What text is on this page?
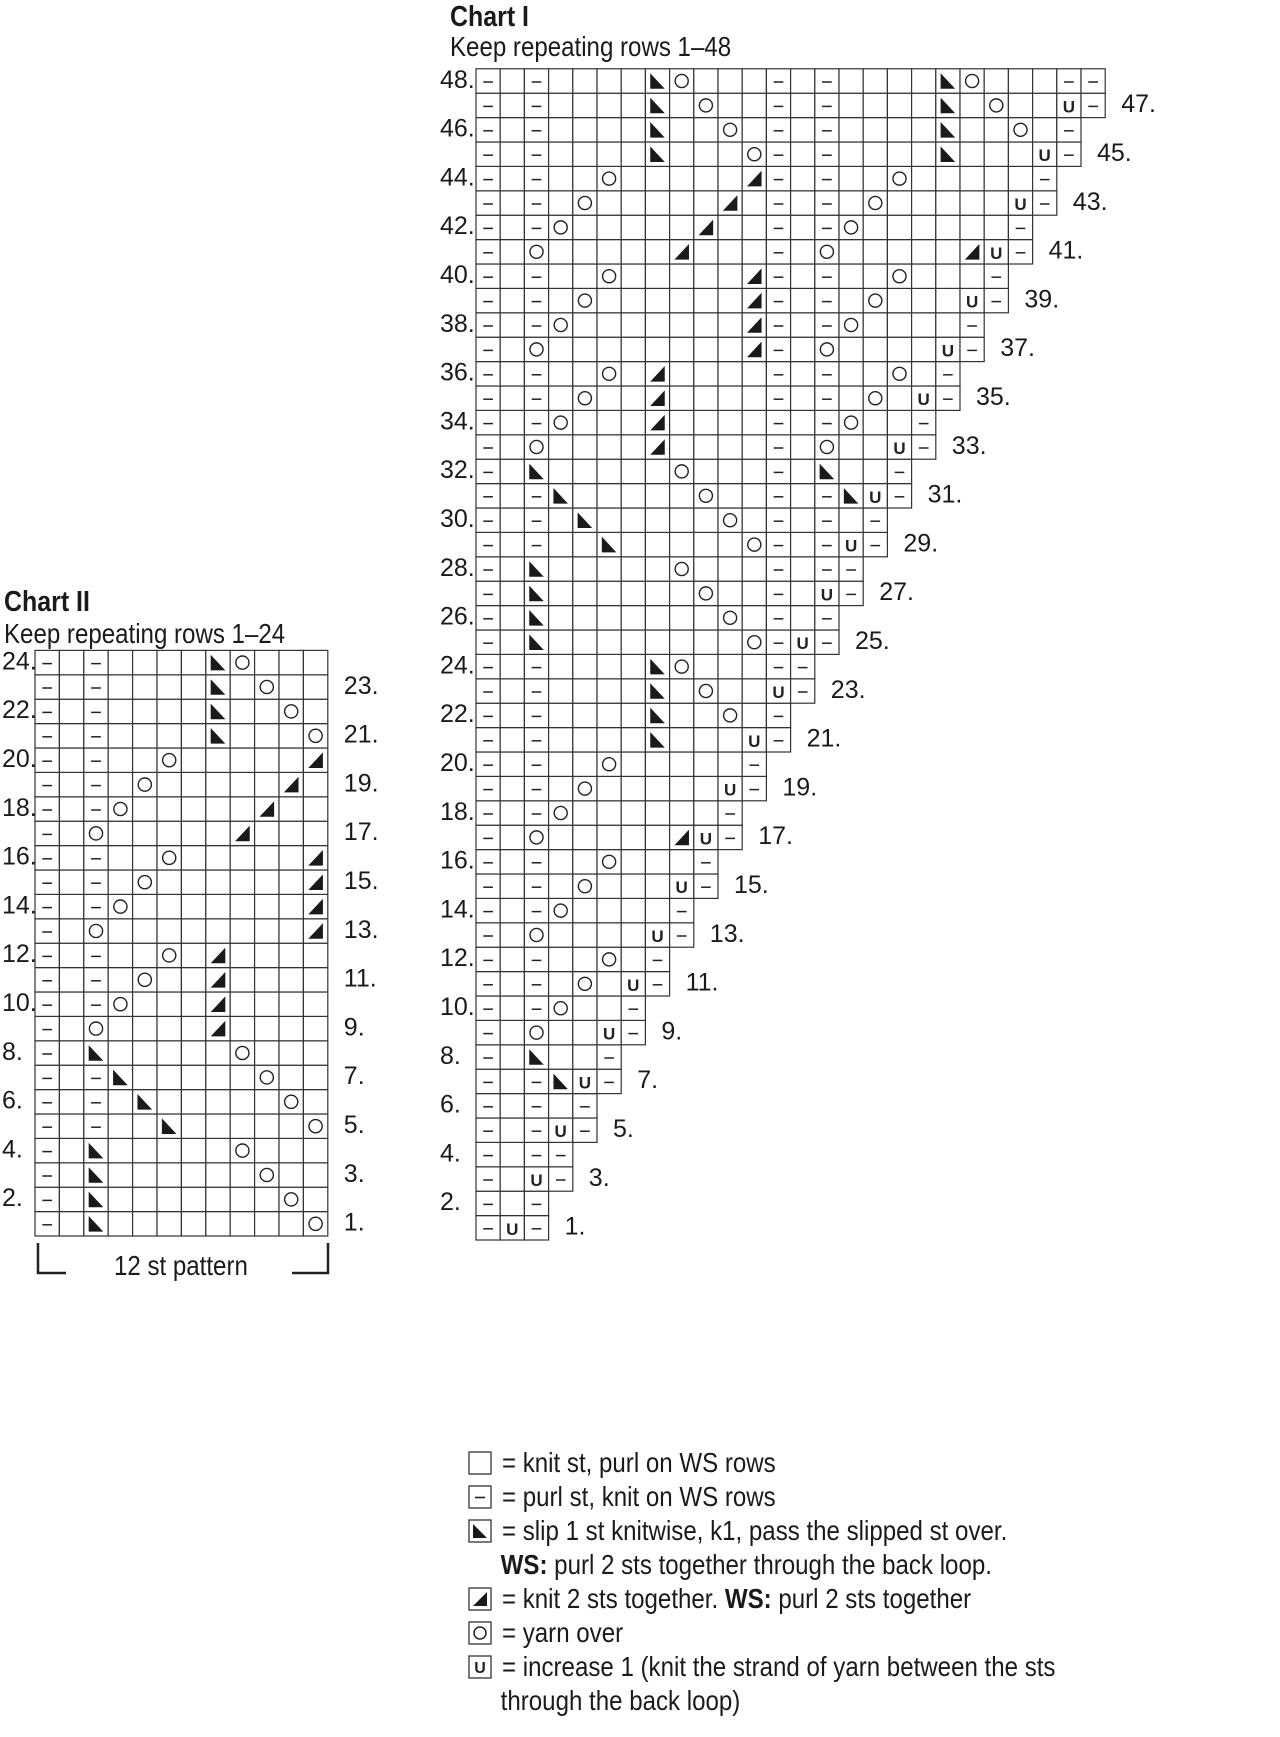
Chart I
Keep repeating rows 1–48
Chart II
Keep repeating rows 1–24
U
U
U
U
U
U
U
U
U
U
U
U
U
U
U
U
U
U
U
U
U
U
U
U
1.
2.
3.
4.
5.
6.
7.
8.
9.
10.
11.
12.
13.
14.
15.
16.
17.
18.
19.
20.
21.
22.
23.
24.
25.
26.
27.
28.
29.
30.
31.
32.
33.
34.
35.
36.
37.
38.
39.
40.
41.
42.
43.
44.
45.
46.
47.
48.
1.
2.
3.
4.
5.
6.
7.
8.
9.
10.
11.
12.
13.
14.
15.
16.
17.
18.
19.
20.
21.
22.
23.
24.
12 st pattern
= knit st, purl on WS rows
= purl st, knit on WS rows
= slip 1 st knitwise, k1, pass the slipped st over.
WS: purl 2 sts together through the back loop.
= knit 2 sts together. WS: purl 2 sts together
= yarn over
U = increase 1 (knit the strand of yarn between the sts
through the back loop)
